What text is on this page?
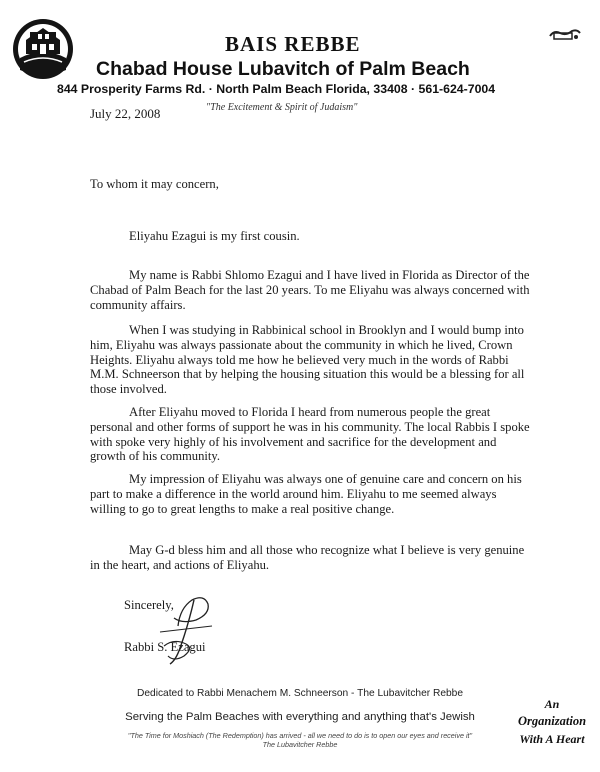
BAIS REBBE
Chabad House Lubavitch of Palm Beach
844 Prosperity Farms Rd. · North Palm Beach Florida, 33408 · 561-624-7004
July 22, 2008	"The Excitement & Spirit of Judaism"
To whom it may concern,
Eliyahu Ezagui is my first cousin.

My name is Rabbi Shlomo Ezagui and I have lived in Florida as Director of the Chabad of Palm Beach for the last 20 years. To me Eliyahu was always concerned with community affairs.

When I was studying in Rabbinical school in Brooklyn and I would bump into him, Eliyahu was always passionate about the community in which he lived, Crown Heights. Eliyahu always told me how he believed very much in the words of Rabbi M.M. Schneerson that by helping the housing situation this would be a blessing for all those involved.

After Eliyahu moved to Florida I heard from numerous people the great personal and other forms of support he was in his community. The local Rabbis I spoke with spoke very highly of his involvement and sacrifice for the development and growth of his community.

My impression of Eliyahu was always one of genuine care and concern on his part to make a difference in the world around him. Eliyahu to me seemed always willing to go to great lengths to make a real positive change.

May G-d bless him and all those who recognize what I believe is very genuine in the heart, and actions of Eliyahu.

Sincerely,
Rabbi S. Ezagui
Dedicated to Rabbi Menachem M. Schneerson - The Lubavitcher Rebbe
Serving the Palm Beaches with everything and anything that's Jewish
"The Time for Moshiach (The Redemption) has arrived - all we need to do is to open our eyes and receive it"
The Lubavitcher Rebbe
An
Organization
With A Heart
